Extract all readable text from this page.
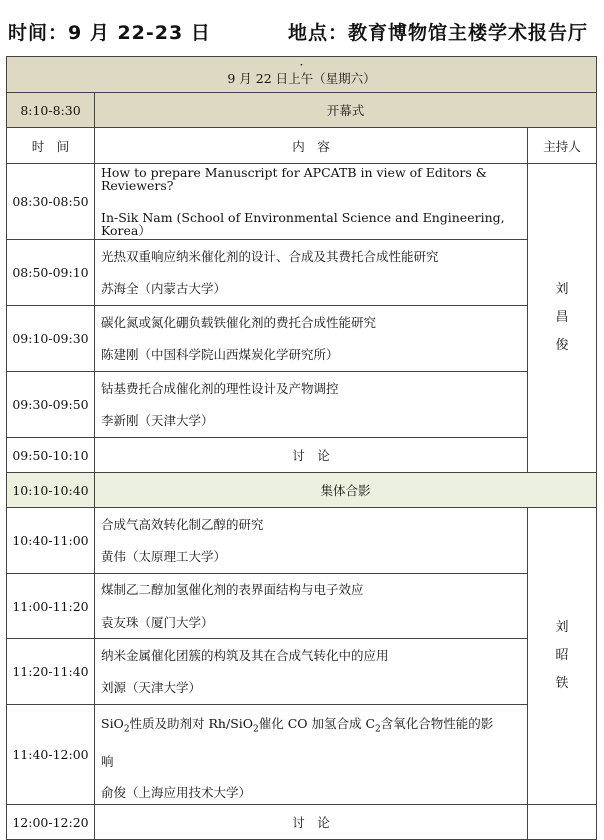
时间：9 月 22-23 日	地点：教育博物馆主楼学术报告厅
·
9 月 22 日上午（星期六）		
8:10-8:30	开幕式	
时　间	内　容	主持人
08:30-08:50	How to prepare Manuscript for APCATB in view of Editors & Reviewers?
In-Sik Nam (School of Environmental Science and Engineering, Korea）	刘
昌
俊

08:50-09:10	光热双重响应纳米催化剂的设计、合成及其费托合成性能研究
苏海全（内蒙古大学）	

09:10-09:30	碳化氮或氮化硼负载铁催化剂的费托合成性能研究
陈建刚（中国科学院山西煤炭化学研究所）	

09:30-09:50	钴基费托合成催化剂的理性设计及产物调控
李新刚（天津大学）	

09:50-10:10	讨　论	
10:10-10:40	集体合影	
10:40-11:00	合成气高效转化制乙醇的研究
黄伟（太原理工大学）	刘
昭
铁

11:00-11:20	煤制乙二醇加氢催化剂的表界面结构与电子效应
袁友珠（厦门大学）	

11:20-11:40	纳米金属催化团簇的构筑及其在合成气转化中的应用
刘源（天津大学）	

11:40-12:00	SiO$_2$性质及助剂对 Rh/SiO$_2$催化 CO 加氢合成 $C_2$含氧化合物性能的影
响
俞俊（上海应用技术大学）	

12:00-12:20	讨　论	
